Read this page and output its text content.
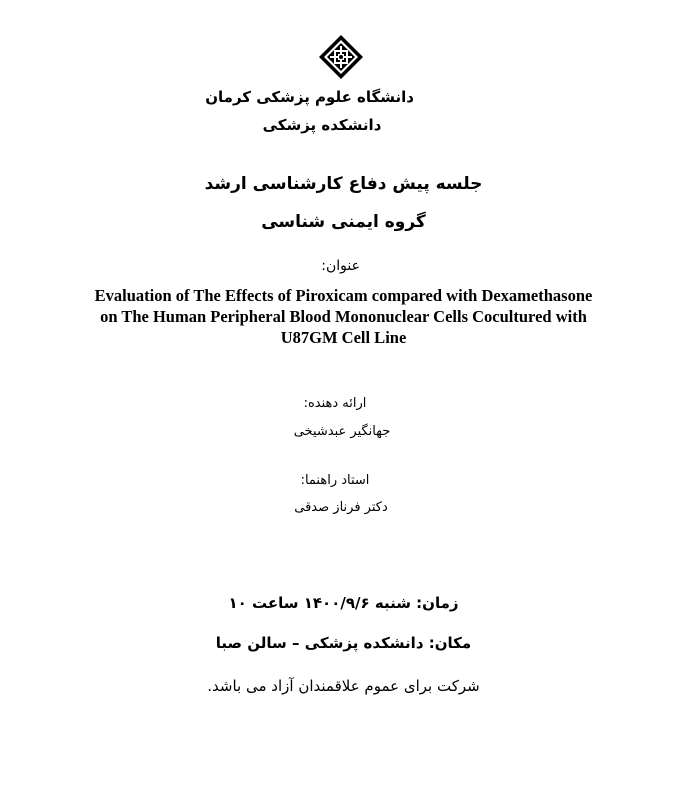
دانشگاه علوم پزشکی کرمان
دانشکده پزشکی
جلسه پیش دفاع کارشناسی ارشد
گروه ایمنی شناسی
عنوان:
Evaluation of The Effects of Piroxicam compared with Dexamethasone
on The Human Peripheral Blood Mononuclear Cells Cocultured with
U87GM Cell Line
ارائه دهنده:
جهانگیر عبدشیخی
استاد راهنما:
دکتر فرناز صدقی
زمان: شنبه ۱۴۰۰/۹/۶ ساعت ۱۰
مکان: دانشکده پزشکی – سالن صبا
شرکت برای عموم علاقمندان آزاد می باشد.
